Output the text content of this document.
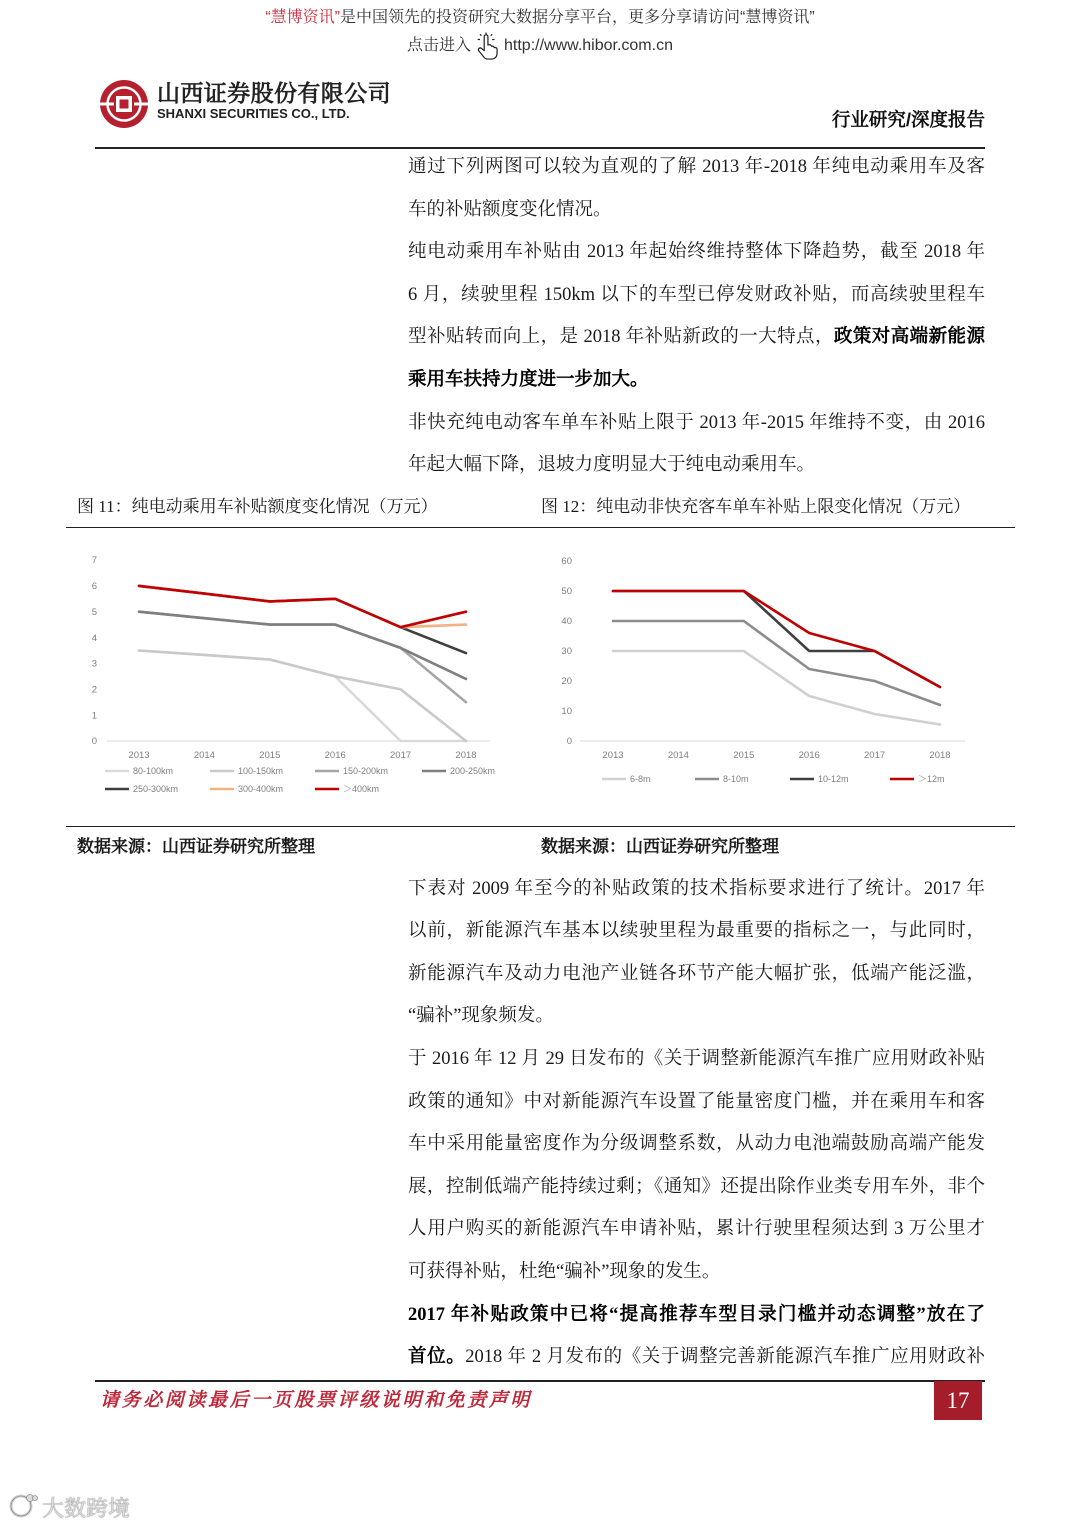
“慧博资讯”是中国领先的投资研究大数据分享平台，更多分享请访问“慧博资讯”
点击进入 http://www.hibor.com.cn
山西证券股份有限公司
SHANXI SECURITIES CO., LTD.	行业研究/深度报告
通过下列两图可以较为直观的了解 2013 年-2018 年纯电动乘用车及客
车的补贴额度变化情况。
纯电动乘用车补贴由 2013 年起始终维持整体下降趋势，截至 2018 年
6 月，续驶里程 150km 以下的车型已停发财政补贴，而高续驶里程车
型补贴转而向上，是 2018 年补贴新政的一大特点，政策对高端新能源
乘用车扶持力度进一步加大。
非快充纯电动客车单车补贴上限于 2013 年-2015 年维持不变，由 2016
年起大幅下降，退坡力度明显大于纯电动乘用车。
图 11：纯电动乘用车补贴额度变化情况（万元）	图 12：纯电动非快充客车单车补贴上限变化情况（万元）
0
1
2
3
4
5
6
7
2013	2014	2015	2016	2017	2018
80-100km	100-150km	150-200km	200-250km
250-300km	300-400km	＞400km
0
10
20
30
40
50
60
2013	2014	2015	2016	2017	2018
6-8m	8-10m	10-12m	＞12m
数据来源：山西证券研究所整理	数据来源：山西证券研究所整理
下表对 2009 年至今的补贴政策的技术指标要求进行了统计。2017 年
以前，新能源汽车基本以续驶里程为最重要的指标之一，与此同时，
新能源汽车及动力电池产业链各环节产能大幅扩张，低端产能泛滥，
“骗补”现象频发。
于 2016 年 12 月 29 日发布的《关于调整新能源汽车推广应用财政补贴
政策的通知》中对新能源汽车设置了能量密度门槛，并在乘用车和客
车中采用能量密度作为分级调整系数，从动力电池端鼓励高端产能发
展，控制低端产能持续过剩；《通知》还提出除作业类专用车外，非个
人用户购买的新能源汽车申请补贴，累计行驶里程须达到 3 万公里才
可获得补贴，杜绝“骗补”现象的发生。
2017 年补贴政策中已将“提高推荐车型目录门槛并动态调整”放在了
首位。2018 年 2 月发布的《关于调整完善新能源汽车推广应用财政补
请务必阅读最后一页股票评级说明和免责声明	17
大数跨境
